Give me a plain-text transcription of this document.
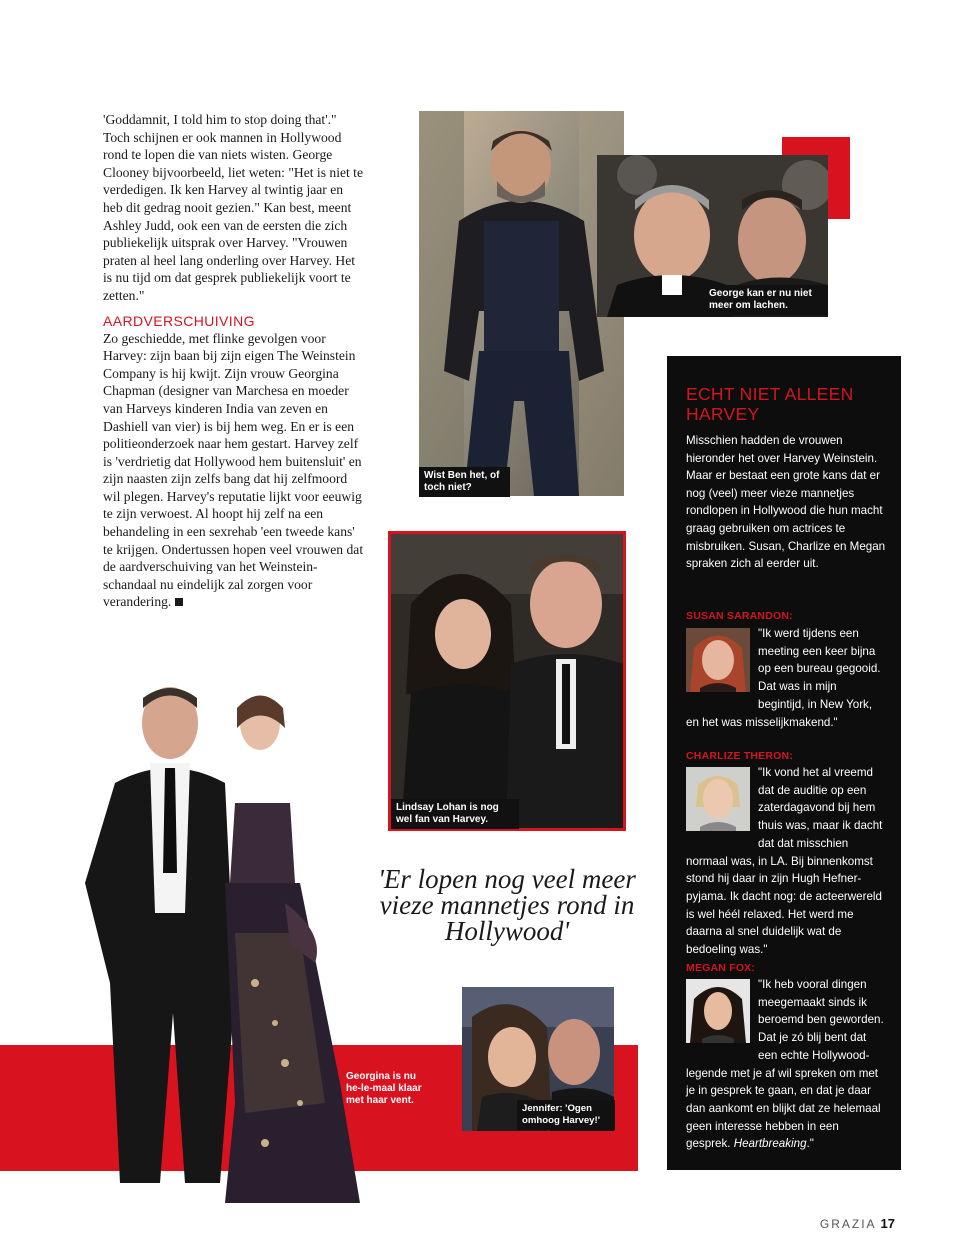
'Goddamnit, I told him to stop doing that'." Toch schijnen er ook mannen in Hollywood rond te lopen die van niets wisten. George Clooney bijvoorbeeld, liet weten: "Het is niet te verdedigen. Ik ken Harvey al twintig jaar en heb dit gedrag nooit gezien." Kan best, meent Ashley Judd, ook een van de eersten die zich publiekelijk uitsprak over Harvey. "Vrouwen praten al heel lang onderling over Harvey. Het is nu tijd om dat gesprek publiekelijk voort te zetten."

AARDVERSCHUIVING

Zo geschiedde, met flinke gevolgen voor Harvey: zijn baan bij zijn eigen The Weinstein Company is hij kwijt. Zijn vrouw Georgina Chapman (designer van Marchesa en moeder van Harveys kinderen India van zeven en Dashiell van vier) is bij hem weg. En er is een politieonderzoek naar hem gestart. Harvey zelf is 'verdrietig dat Hollywood hem buitensluit' en zijn naasten zijn zelfs bang dat hij zelfmoord wil plegen. Harvey's reputatie lijkt voor eeuwig te zijn verwoest. Al hoopt hij zelf na een behandeling in een sexrehab 'een tweede kans' te krijgen. Ondertussen hopen veel vrouwen dat de aardverschuiving van het Weinstein-schandaal nu eindelijk zal zorgen voor verandering.

Wist Ben het, of toch niet?
George kan er nu niet meer om lachen.
Lindsay Lohan is nog wel fan van Harvey.
Georgina is nu he-le-maal klaar met haar vent.
'Er lopen nog veel meer vieze mannetjes rond in Hollywood'
Jennifer: 'Ogen omhoog Harvey!'
ECHT NIET ALLEEN HARVEY
Misschien hadden de vrouwen hieronder het over Harvey Weinstein. Maar er bestaat een grote kans dat er nog (veel) meer vieze mannetjes rondlopen in Hollywood die hun macht graag gebruiken om actrices te misbruiken. Susan, Charlize en Megan spraken zich al eerder uit.
SUSAN SARANDON:
"Ik werd tijdens een meeting een keer bijna op een bureau gegooid. Dat was in mijn begintijd, in New York, en het was misselijkmakend."
CHARLIZE THERON:
"Ik vond het al vreemd dat de auditie op een zaterdagavond bij hem thuis was, maar ik dacht dat dat misschien normaal was, in LA. Bij binnenkomst stond hij daar in zijn Hugh Hefner-pyjama. Ik dacht nog: de acteerwereld is wel héél relaxed. Het werd me daarna al snel duidelijk wat de bedoeling was."
MEGAN FOX:
"Ik heb vooral dingen meegemaakt sinds ik beroemd ben geworden. Dat je zó blij bent dat een echte Hollywood-legende met je af wil spreken om met je in gesprek te gaan, en dat je daar dan aankomt en blijkt dat ze helemaal geen interesse hebben in een gesprek. Heartbreaking."
GRAZIA 17
